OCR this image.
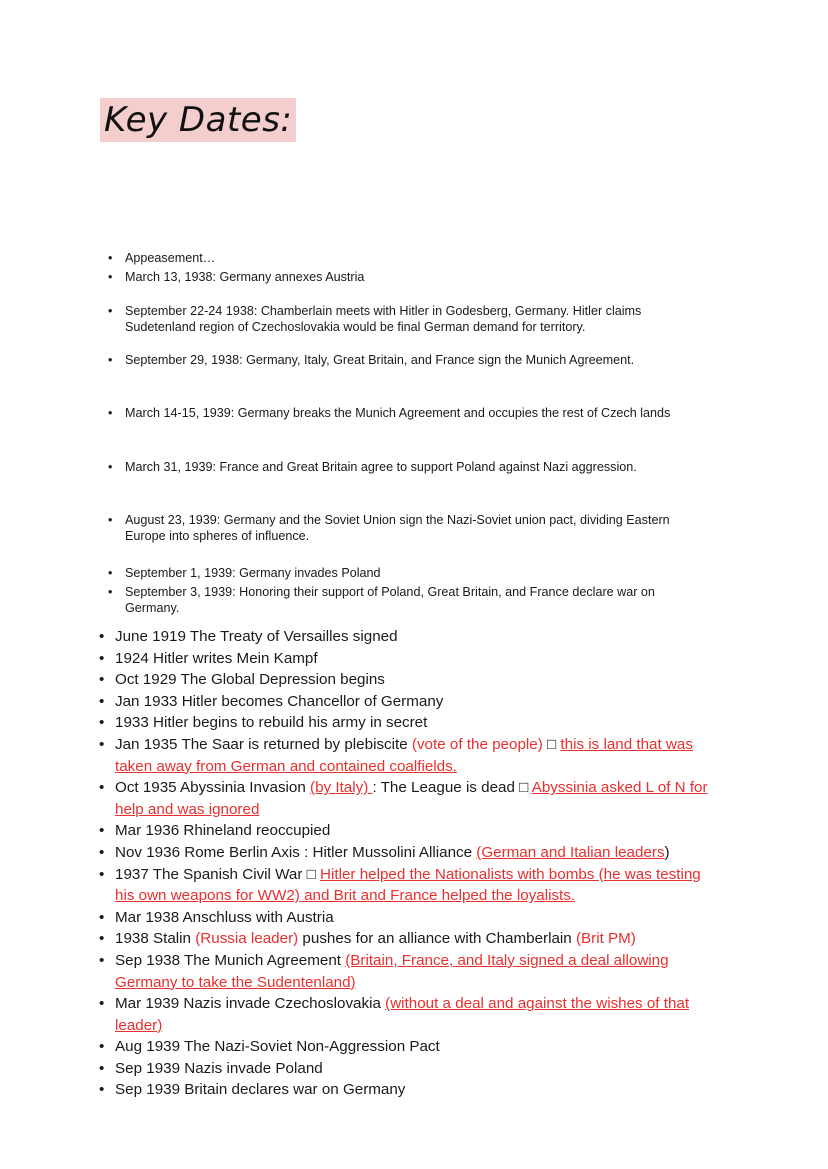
Key Dates:
• Appeasement…
• March 13, 1938: Germany annexes Austria
• September 22-24 1938: Chamberlain meets with Hitler in Godesberg, Germany. Hitler claims Sudetenland region of Czechoslovakia would be final German demand for territory.
• September 29, 1938: Germany, Italy, Great Britain, and France sign the Munich Agreement.
• March 14-15, 1939: Germany breaks the Munich Agreement and occupies the rest of Czech lands
• March 31, 1939: France and Great Britain agree to support Poland against Nazi aggression.
• August 23, 1939: Germany and the Soviet Union sign the Nazi-Soviet union pact, dividing Eastern Europe into spheres of influence.
• September 1, 1939: Germany invades Poland
• September 3, 1939: Honoring their support of Poland, Great Britain, and France declare war on Germany.
• June 1919 The Treaty of Versailles signed
• 1924 Hitler writes Mein Kampf
• Oct 1929 The Global Depression begins
• Jan 1933 Hitler becomes Chancellor of Germany
• 1933 Hitler begins to rebuild his army in secret
• Jan 1935 The Saar is returned by plebiscite (vote of the people) □ this is land that was taken away from German and contained coalfields.
• Oct 1935 Abyssinia Invasion (by Italy) : The League is dead □ Abyssinia asked L of N for help and was ignored
• Mar 1936 Rhineland reoccupied
• Nov 1936 Rome Berlin Axis : Hitler Mussolini Alliance (German and Italian leaders)
• 1937 The Spanish Civil War □ Hitler helped the Nationalists with bombs (he was testing his own weapons for WW2) and Brit and France helped the loyalists.
• Mar 1938 Anschluss with Austria
• 1938 Stalin (Russia leader) pushes for an alliance with Chamberlain (Brit PM)
• Sep 1938 The Munich Agreement (Britain, France, and Italy signed a deal allowing Germany to take the Sudentenland)
• Mar 1939 Nazis invade Czechoslovakia (without a deal and against the wishes of that leader)
• Aug 1939 The Nazi-Soviet Non-Aggression Pact
• Sep 1939 Nazis invade Poland
• Sep 1939 Britain declares war on Germany
